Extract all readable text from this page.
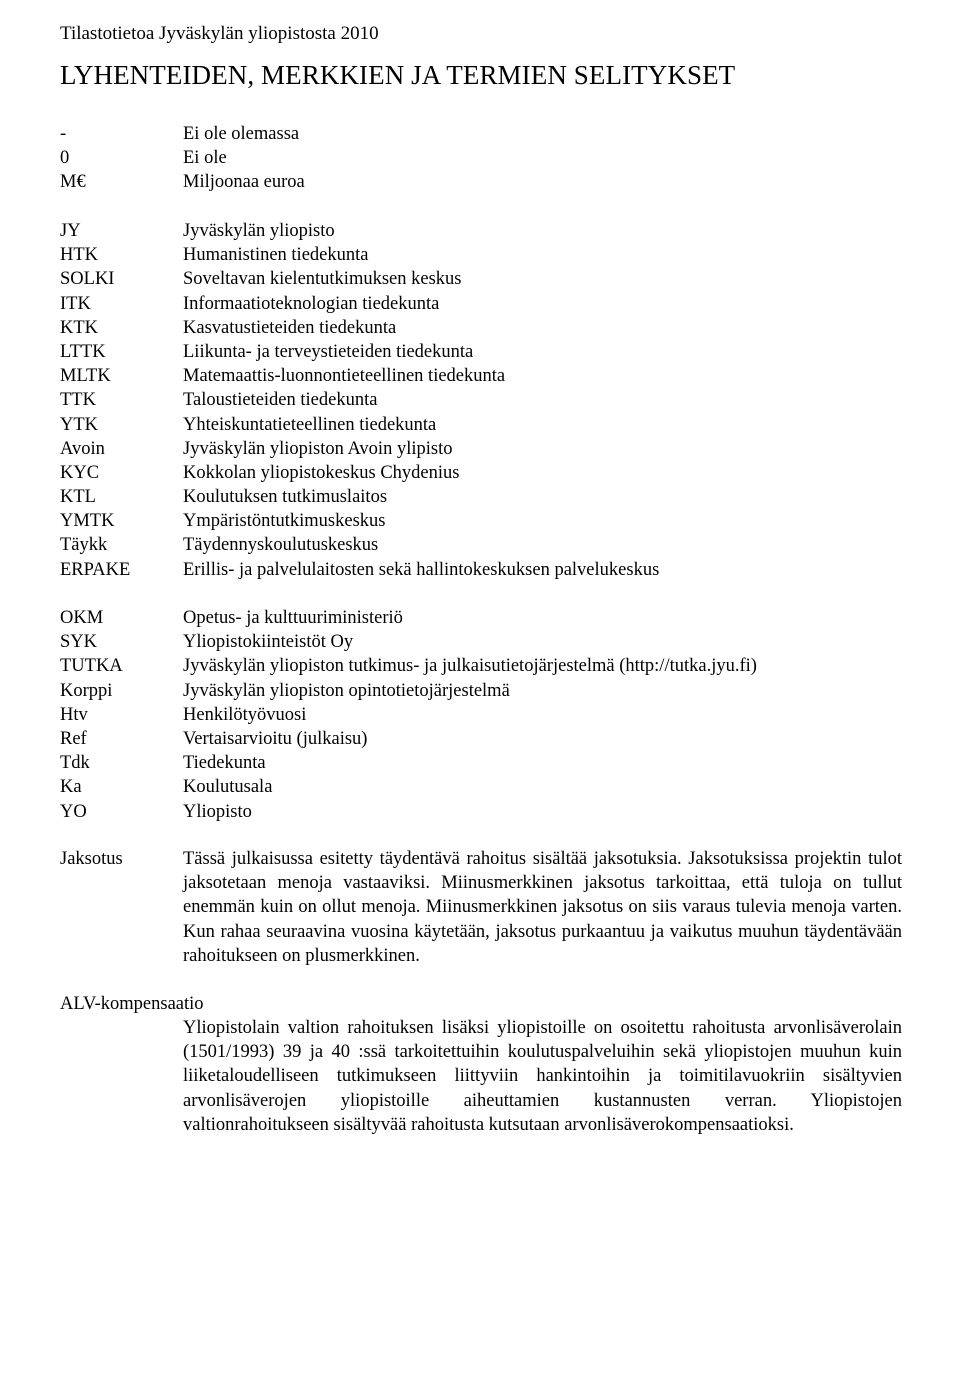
Tilastotietoa Jyväskylän yliopistosta 2010
LYHENTEIDEN, MERKKIEN JA TERMIEN SELITYKSET
-	Ei ole olemassa
0	Ei ole
M€	Miljoonaa euroa
JY	Jyväskylän yliopisto
HTK	Humanistinen tiedekunta
SOLKI	Soveltavan kielentutkimuksen keskus
ITK	Informaatioteknologian tiedekunta
KTK	Kasvatustieteiden tiedekunta
LTTK	Liikunta- ja terveystieteiden tiedekunta
MLTK	Matemaattis-luonnontieteellinen tiedekunta
TTK	Taloustieteiden tiedekunta
YTK	Yhteiskuntatieteellinen tiedekunta
Avoin	Jyväskylän yliopiston Avoin ylipisto
KYC	Kokkolan yliopistokeskus Chydenius
KTL	Koulutuksen tutkimuslaitos
YMTK	Ympäristöntutkimuskeskus
Täykk	Täydennyskoulutuskeskus
ERPAKE	Erillis- ja palvelulaitosten sekä hallintokeskuksen palvelukeskus
OKM	Opetus- ja kulttuuriministeriö
SYK	Yliopistokiinteistöt Oy
TUTKA	Jyväskylän yliopiston tutkimus- ja julkaisutietojärjestelmä (http://tutka.jyu.fi)
Korppi	Jyväskylän yliopiston opintotietojärjestelmä
Htv	Henkilötyövuosi
Ref	Vertaisarvioitu (julkaisu)
Tdk	Tiedekunta
Ka	Koulutusala
YO	Yliopisto
Jaksotus	Tässä julkaisussa esitetty täydentävä rahoitus sisältää jaksotuksia. Jaksotuksissa projektin tulot jaksotetaan menoja vastaaviksi. Miinusmerkkinen jaksotus tarkoittaa, että tuloja on tullut enemmän kuin on ollut menoja. Miinusmerkkinen jaksotus on siis varaus tulevia menoja varten. Kun rahaa seuraavina vuosina käytetään, jaksotus purkaantuu ja vaikutus muuhun täydentävään rahoitukseen on plusmerkkinen.

ALV-kompensaatio

Yliopistolain valtion rahoituksen lisäksi yliopistoille on osoitettu rahoitusta arvonlisäverolain (1501/1993) 39 ja 40 :ssä tarkoitettuihin koulutuspalveluihin sekä yliopistojen muuhun kuin liiketaloudelliseen tutkimukseen liittyviin hankintoihin ja toimitilavuokriin sisältyvien arvonlisäverojen yliopistoille aiheuttamien kustannusten verran. Yliopistojen valtionrahoitukseen sisältyvää rahoitusta kutsutaan arvonlisäverokompensaatioksi.
